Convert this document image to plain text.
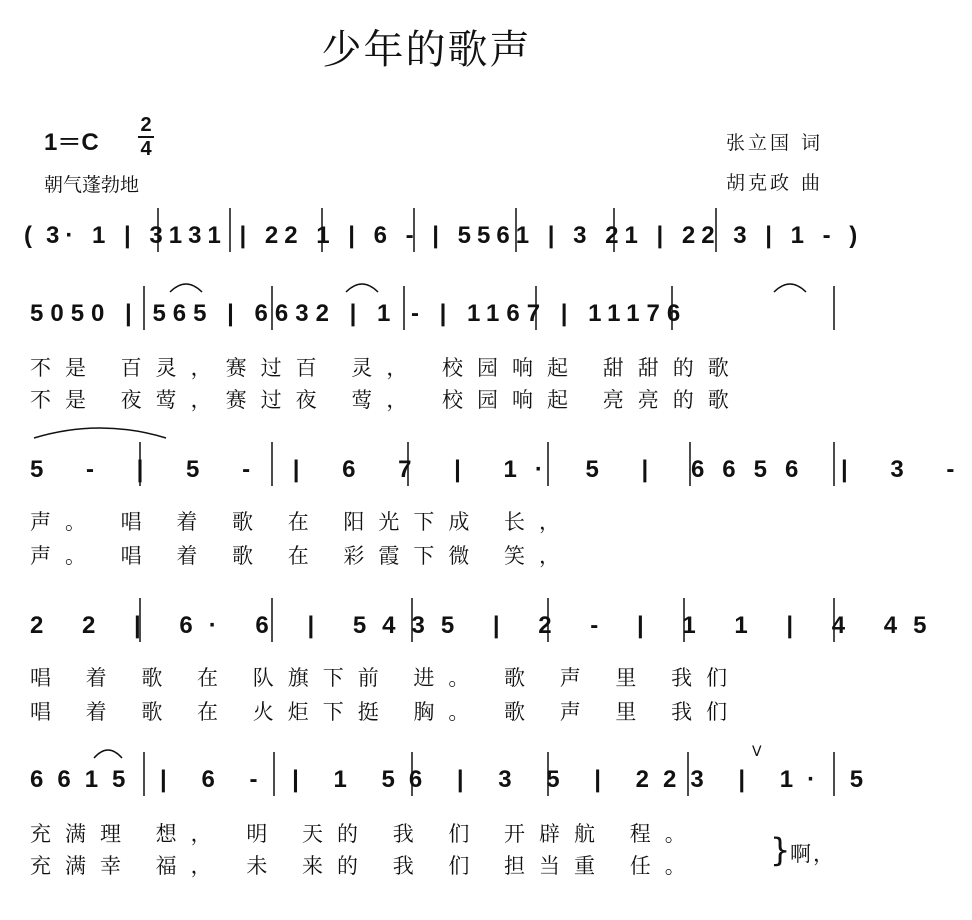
少年的歌声
1＝C
2
4
朝气蓬勃地
张立国 词
胡克政 曲
( 3· 1 | 3131 | 22 1 | 6 - | 5561 | 3 21 | 22 3 | 1 - )
5050 | 565 | 6632 | 1 - | 1167 | 11176
不是 百灵，赛过百 灵， 校园响起 甜甜的歌
不是 夜莺，赛过夜 莺， 校园响起 亮亮的歌
5 - | 5 - | 6 7 | 1· 5 | 6656 | 3 -
声。 唱 着 歌 在 阳光下成 长，
声。 唱 着 歌 在 彩霞下微 笑，
2 2 | 6· 6 | 5435 | 2 - | 1 1 | 4 45
唱 着 歌 在 队旗下前 进。 歌 声 里 我们
唱 着 歌 在 火炬下挺 胸。 歌 声 里 我们
6615 | 6 - | 1 56 | 3 5 | 223 | 1· 5
充满理 想， 明 天的 我 们 开辟航 程。
充满幸 福， 未 来的 我 们 担当重 任。 } 啊，
V
